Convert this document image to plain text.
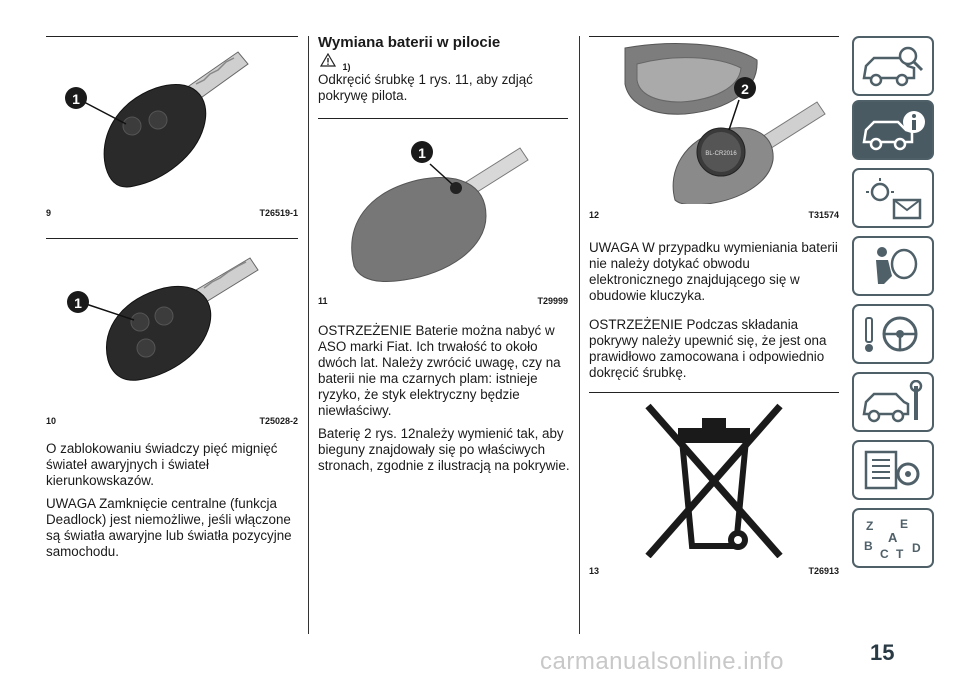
1
9	T26519-1
1
10	T25028-2

O zablokowaniu świadczy pięć mignięć świateł awaryjnych i świateł kierunkowskazów.

UWAGA Zamknięcie centralne (funkcja Deadlock) jest niemożliwe, jeśli włączone są światła awaryjne lub światła pozycyjne samochodu.

Wymiana baterii w pilocie
$_{1)}$

Odkręcić śrubkę 1 rys. 11, aby zdjąć pokrywę pilota.

1
11	T29999

OSTRZEŻENIE Baterie można nabyć w ASO marki Fiat. Ich trwałość to około dwóch lat. Należy zwrócić uwagę, czy na baterii nie ma czarnych plam: istnieje ryzyko, że styk elektryczny będzie niewłaściwy.

Baterię 2 rys. 12należy wymienić tak, aby bieguny znajdowały się po właściwych stronach, zgodnie z ilustracją na pokrywie.

BL-CR2016
2
12	T31574

UWAGA W przypadku wymieniania baterii nie należy dotykać obwodu elektronicznego znajdującego się w obudowie kluczyka.

OSTRZEŻENIE Podczas składania pokrywy należy upewnić się, że jest ona prawidłowo zamocowana i odpowiednio dokręcić śrubkę.

13	T26913
Z E
A
B
C T D
carmanualsonline.info	15
